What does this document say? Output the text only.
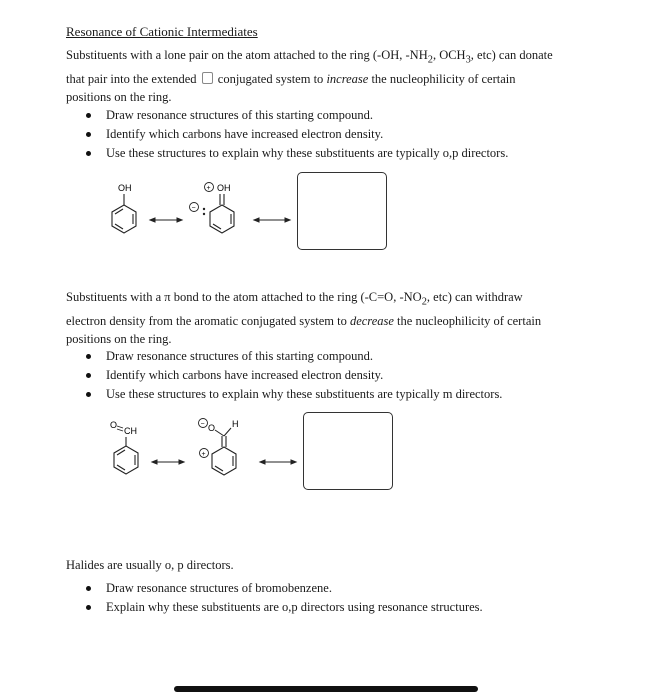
Resonance of Cationic Intermediates
Substituents with a lone pair on the atom attached to the ring (-OH, $-NH_2$, $OCH_3$, etc) can donate
that pair into the extended  conjugated system to increase the nucleophilicity of certain
positions on the ring.
Draw resonance structures of this starting compound.
Identify which carbons have increased electron density.
Use these structures to explain why these substituents are typically o,p directors.
OH	+ OH
−
Substituents with a π bond to the atom attached to the ring (-C=O, $-NO_2$, etc) can withdraw
electron density from the aromatic conjugated system to decrease the nucleophilicity of certain
positions on the ring.
Draw resonance structures of this starting compound.
Identify which carbons have increased electron density.
Use these structures to explain why these substituents are typically m directors.
O
CH
− O H
+
Halides are usually o, p directors.
Draw resonance structures of bromobenzene.
Explain why these substituents are o,p directors using resonance structures.
